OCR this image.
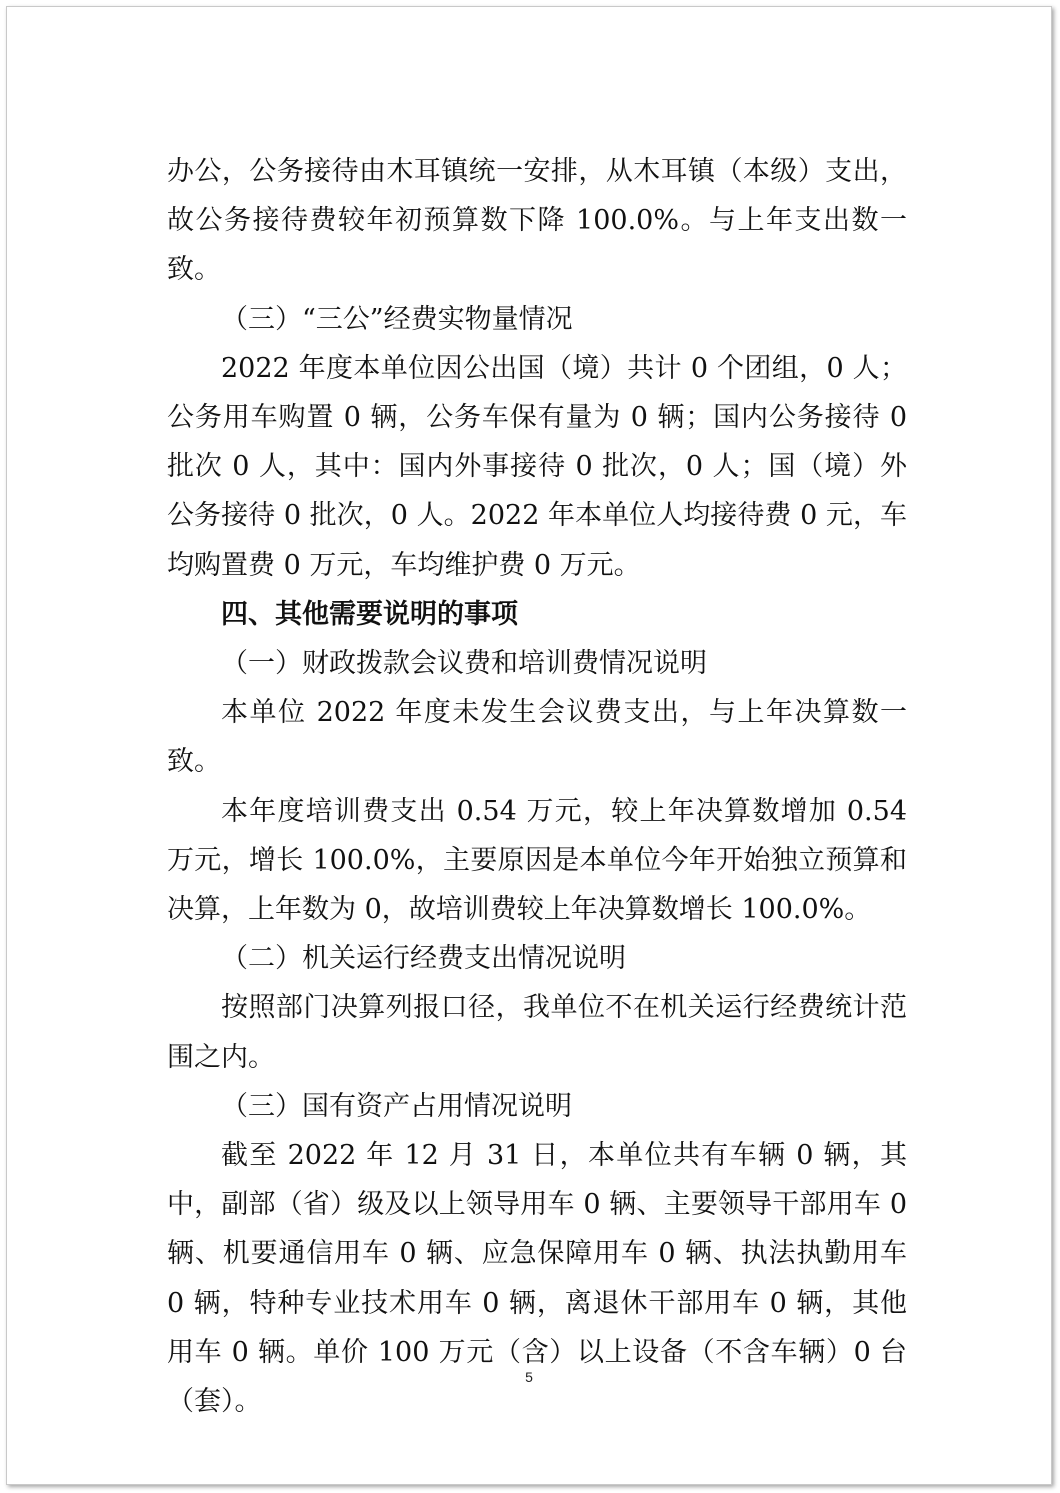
办公，公务接待由木耳镇统一安排，从木耳镇（本级）支出，故公务接待费较年初预算数下降 100.0%。与上年支出数一致。

（三）“三公”经费实物量情况

2022 年度本单位因公出国（境）共计 0 个团组，0 人；公务用车购置 0 辆，公务车保有量为 0 辆；国内公务接待 0 批次 0 人，其中：国内外事接待 0 批次，0 人；国（境）外公务接待 0 批次，0 人。2022 年本单位人均接待费 0 元，车均购置费 0 万元，车均维护费 0 万元。

四、其他需要说明的事项

（一）财政拨款会议费和培训费情况说明

本单位 2022 年度未发生会议费支出，与上年决算数一致。

本年度培训费支出 0.54 万元，较上年决算数增加 0.54 万元，增长 100.0%，主要原因是本单位今年开始独立预算和决算，上年数为 0，故培训费较上年决算数增长 100.0%。

（二）机关运行经费支出情况说明

按照部门决算列报口径，我单位不在机关运行经费统计范围之内。

（三）国有资产占用情况说明

截至 2022 年 12 月 31 日，本单位共有车辆 0 辆，其中，副部（省）级及以上领导用车 0 辆、主要领导干部用车 0 辆、机要通信用车 0 辆、应急保障用车 0 辆、执法执勤用车 0 辆，特种专业技术用车 0 辆，离退休干部用车 0 辆，其他用车 0 辆。单价 100 万元（含）以上设备（不含车辆）0 台（套）。

5
